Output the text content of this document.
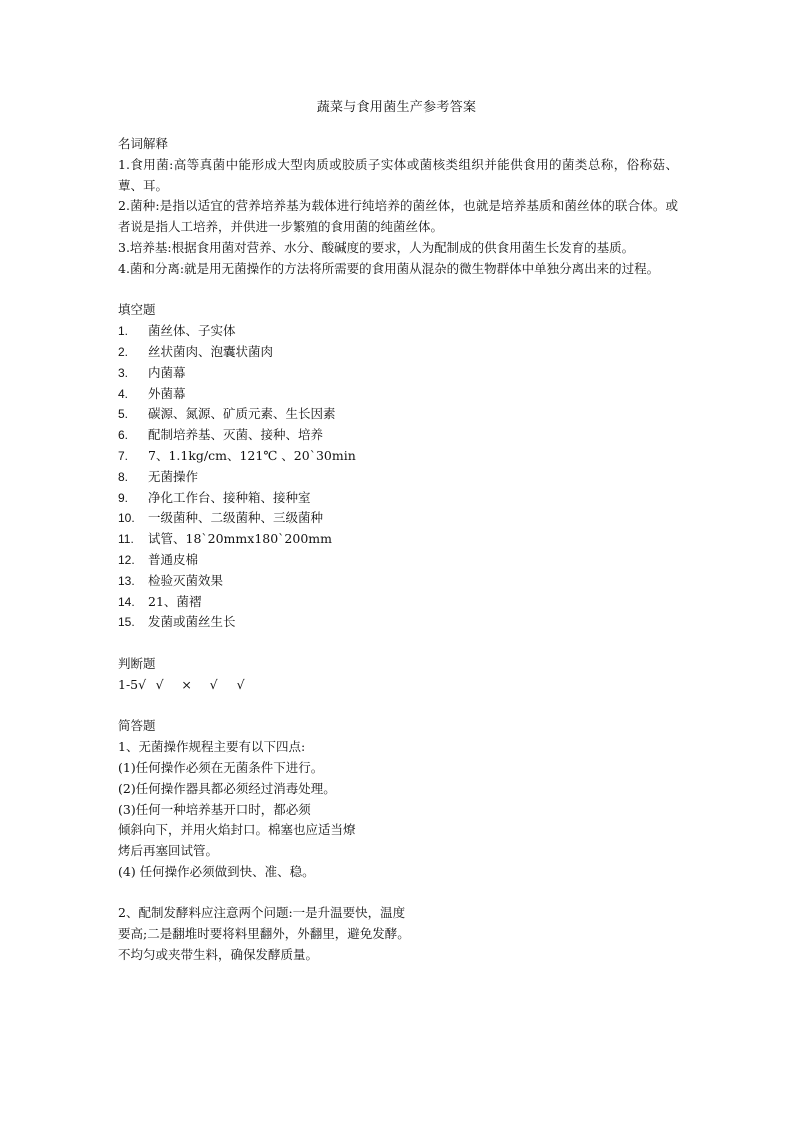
蔬菜与食用菌生产参考答案

名词解释

1.食用菌:高等真菌中能形成大型肉质或胶质子实体或菌核类组织并能供食用的菌类总称，俗称菇、蕈、耳。

2.菌种:是指以适宜的营养培养基为载体进行纯培养的菌丝体，也就是培养基质和菌丝体的联合体。或者说是指人工培养，并供进一步繁殖的食用菌的纯菌丝体。

3.培养基:根据食用菌对营养、水分、酸碱度的要求，人为配制成的供食用菌生长发育的基质。

4.菌和分离:就是用无菌操作的方法将所需要的食用菌从混杂的微生物群体中单独分离出来的过程。

填空题

1.	菌丝体、子实体
2.	丝状菌肉、泡囊状菌肉
3.	内菌幕
4.	外菌幕
5.	碳源、氮源、矿质元素、生长因素
6.	配制培养基、灭菌、接种、培养
7.	7、1.1kg/cm、121℃ 、20`30min
8.	无菌操作
9.	净化工作台、接种箱、接种室
10.	一级菌种、二级菌种、三级菌种
11.	试管、18`20mmx180`200mm
12.	普通皮棉
13.	检验灭菌效果
14.	21、菌褶
15.	发菌或菌丝生长

判断题

1-5√ √ × √ √

简答题

1、无菌操作规程主要有以下四点:

(1)任何操作必须在无菌条件下进行。

(2)任何操作器具都必须经过消毒处理。

(3)任何一种培养基开口时，都必须

倾斜向下，并用火焰封口。棉塞也应适当燎

烤后再塞回试管。

(4) 任何操作必须做到快、准、稳。

2、配制发酵料应注意两个问题:一是升温要快，温度

要高;二是翻堆时要将料里翻外，外翻里，避免发酵。

不均匀或夹带生料，确保发酵质量。
